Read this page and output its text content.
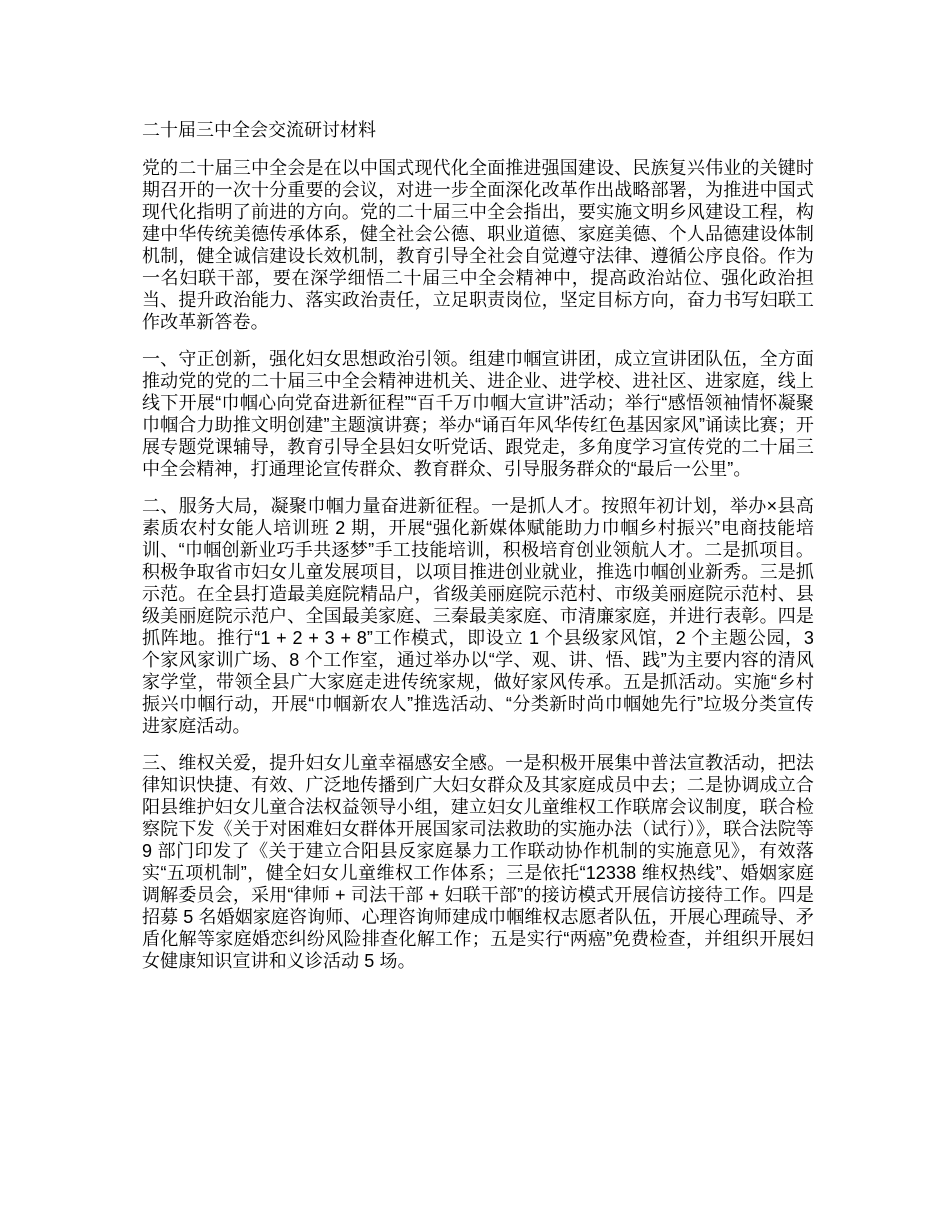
二十届三中全会交流研讨材料

党的二十届三中全会是在以中国式现代化全面推进强国建设、民族复兴伟业的关键时期召开的一次十分重要的会议，对进一步全面深化改革作出战略部署，为推进中国式现代化指明了前进的方向。党的二十届三中全会指出，要实施文明乡风建设工程，构建中华传统美德传承体系，健全社会公德、职业道德、家庭美德、个人品德建设体制机制，健全诚信建设长效机制，教育引导全社会自觉遵守法律、遵循公序良俗。作为一名妇联干部，要在深学细悟二十届三中全会精神中，提高政治站位、强化政治担当、提升政治能力、落实政治责任，立足职责岗位，坚定目标方向，奋力书写妇联工作改革新答卷。

一、守正创新，强化妇女思想政治引领。组建巾帼宣讲团，成立宣讲团队伍，全方面推动党的党的二十届三中全会精神进机关、进企业、进学校、进社区、进家庭，线上线下开展“巾帼心向党奋进新征程”“百千万巾帼大宣讲”活动；举行“感悟领袖情怀凝聚巾帼合力助推文明创建”主题演讲赛；举办“诵百年风华传红色基因家风”诵读比赛；开展专题党课辅导，教育引导全县妇女听党话、跟党走，多角度学习宣传党的二十届三中全会精神，打通理论宣传群众、教育群众、引导服务群众的“最后一公里”。

二、服务大局，凝聚巾帼力量奋进新征程。一是抓人才。按照年初计划，举办×县高素质农村女能人培训班 2 期，开展“强化新媒体赋能助力巾帼乡村振兴”电商技能培训、“巾帼创新业巧手共逐梦”手工技能培训，积极培育创业领航人才。二是抓项目。积极争取省市妇女儿童发展项目，以项目推进创业就业，推选巾帼创业新秀。三是抓示范。在全县打造最美庭院精品户，省级美丽庭院示范村、市级美丽庭院示范村、县级美丽庭院示范户、全国最美家庭、三秦最美家庭、市清廉家庭，并进行表彰。四是抓阵地。推行“1 + 2 + 3 + 8”工作模式，即设立 1 个县级家风馆，2 个主题公园，3 个家风家训广场、8 个工作室，通过举办以“学、观、讲、悟、践”为主要内容的清风家学堂，带领全县广大家庭走进传统家规，做好家风传承。五是抓活动。实施“乡村振兴巾帼行动，开展“巾帼新农人”推选活动、“分类新时尚巾帼她先行”垃圾分类宣传进家庭活动。

三、维权关爱，提升妇女儿童幸福感安全感。一是积极开展集中普法宣教活动，把法律知识快捷、有效、广泛地传播到广大妇女群众及其家庭成员中去；二是协调成立合阳县维护妇女儿童合法权益领导小组，建立妇女儿童维权工作联席会议制度，联合检察院下发《关于对困难妇女群体开展国家司法救助的实施办法（试行）》，联合法院等 9 部门印发了《关于建立合阳县反家庭暴力工作联动协作机制的实施意见》，有效落实“五项机制”，健全妇女儿童维权工作体系；三是依托“12338 维权热线”、婚姻家庭调解委员会，采用“律师 + 司法干部 + 妇联干部”的接访模式开展信访接待工作。四是招募 5 名婚姻家庭咨询师、心理咨询师建成巾帼维权志愿者队伍，开展心理疏导、矛盾化解等家庭婚恋纠纷风险排查化解工作；五是实行“两癌”免费检查，并组织开展妇女健康知识宣讲和义诊活动 5 场。
